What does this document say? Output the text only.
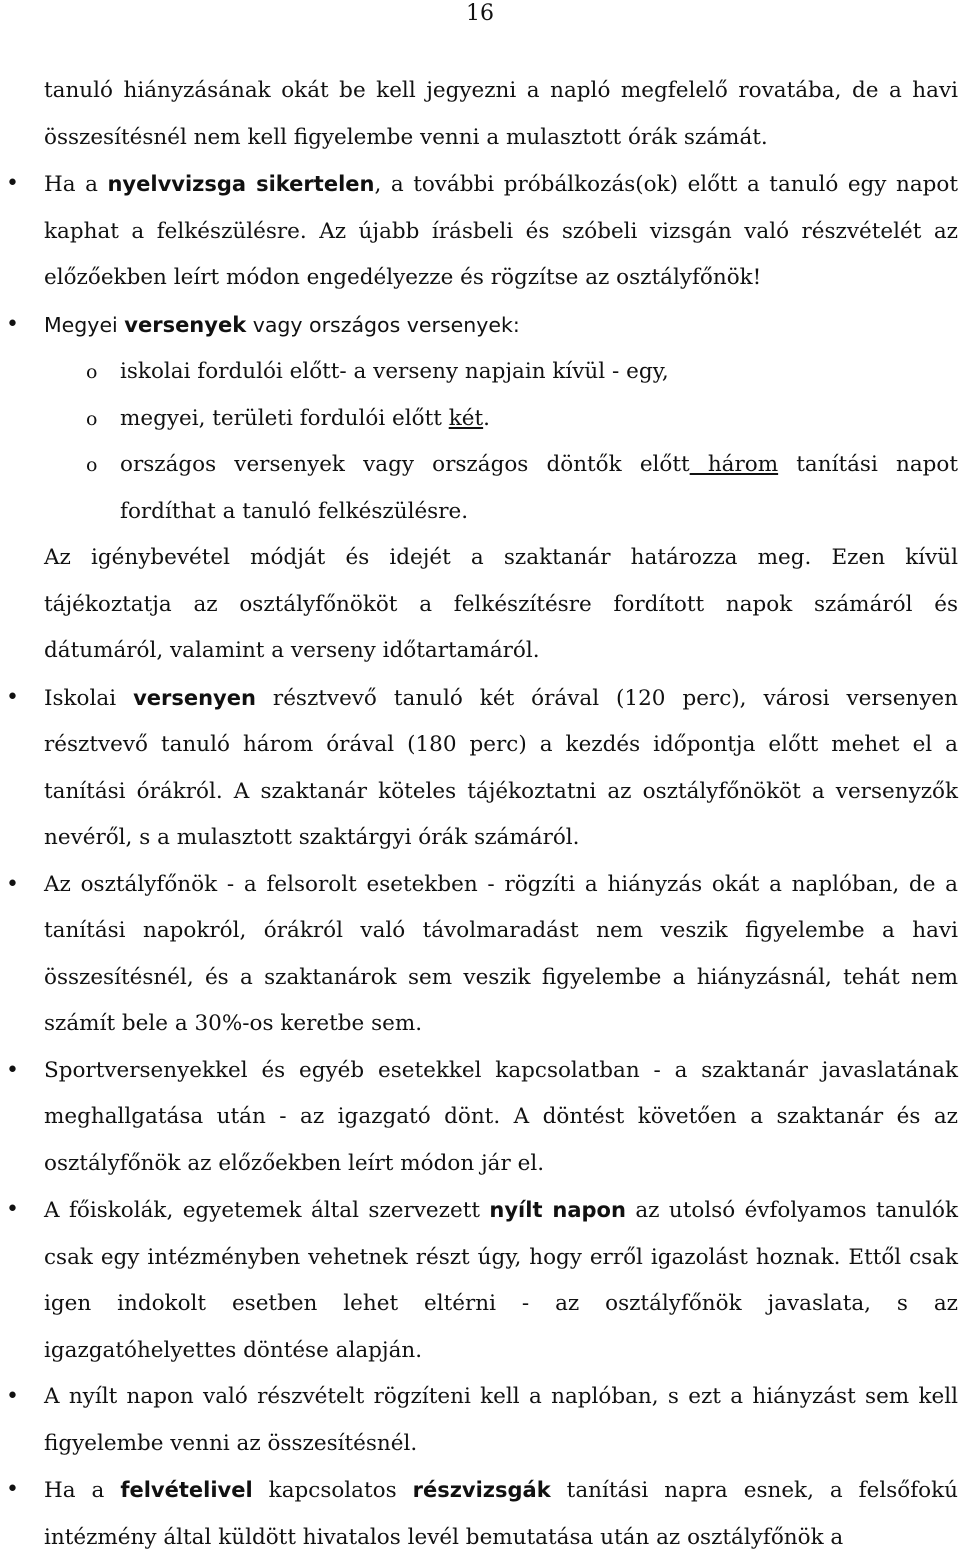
16

tanuló hiányzásának okát be kell jegyezni a napló megfelelő rovatába, de a havi összesítésnél nem kell figyelembe venni a mulasztott órák számát.

• Ha a nyelvvizsga sikertelen, a további próbálkozás(ok) előtt a tanuló egy napot kaphat a felkészülésre. Az újabb írásbeli és szóbeli vizsgán való részvételét az előzőekben leírt módon engedélyezze és rögzítse az osztályfőnök!
• Megyei versenyek vagy országos versenyek:
o iskolai fordulói előtt- a verseny napjain kívül - egy,
o megyei, területi fordulói előtt két.
o országos versenyek vagy országos döntők előtt három tanítási napot fordíthat a tanuló felkészülésre.

Az igénybevétel módját és idejét a szaktanár határozza meg. Ezen kívül tájékoztatja az osztályfőnököt a felkészítésre fordított napok számáról és dátumáról, valamint a verseny időtartamáról.

• Iskolai versenyen résztvevő tanuló két órával (120 perc), városi versenyen résztvevő tanuló három órával (180 perc) a kezdés időpontja előtt mehet el a tanítási órákról. A szaktanár köteles tájékoztatni az osztályfőnököt a versenyzők nevéről, s a mulasztott szaktárgyi órák számáról.
• Az osztályfőnök - a felsorolt esetekben - rögzíti a hiányzás okát a naplóban, de a tanítási napokról, órákról való távolmaradást nem veszik figyelembe a havi összesítésnél, és a szaktanárok sem veszik figyelembe a hiányzásnál, tehát nem számít bele a 30%-os keretbe sem.
• Sportversenyekkel és egyéb esetekkel kapcsolatban - a szaktanár javaslatának meghallgatása után - az igazgató dönt. A döntést követően a szaktanár és az osztályfőnök az előzőekben leírt módon jár el.
• A főiskolák, egyetemek által szervezett nyílt napon az utolsó évfolyamos tanulók csak egy intézményben vehetnek részt úgy, hogy erről igazolást hoznak. Ettől csak igen indokolt esetben lehet eltérni - az osztályfőnök javaslata, s az igazgatóhelyettes döntése alapján.
• A nyílt napon való részvételt rögzíteni kell a naplóban, s ezt a hiányzást sem kell figyelembe venni az összesítésnél.
• Ha a felvételivel kapcsolatos részvizsgák tanítási napra esnek, a felsőfokú intézmény által küldött hivatalos levél bemutatása után az osztályfőnök a
